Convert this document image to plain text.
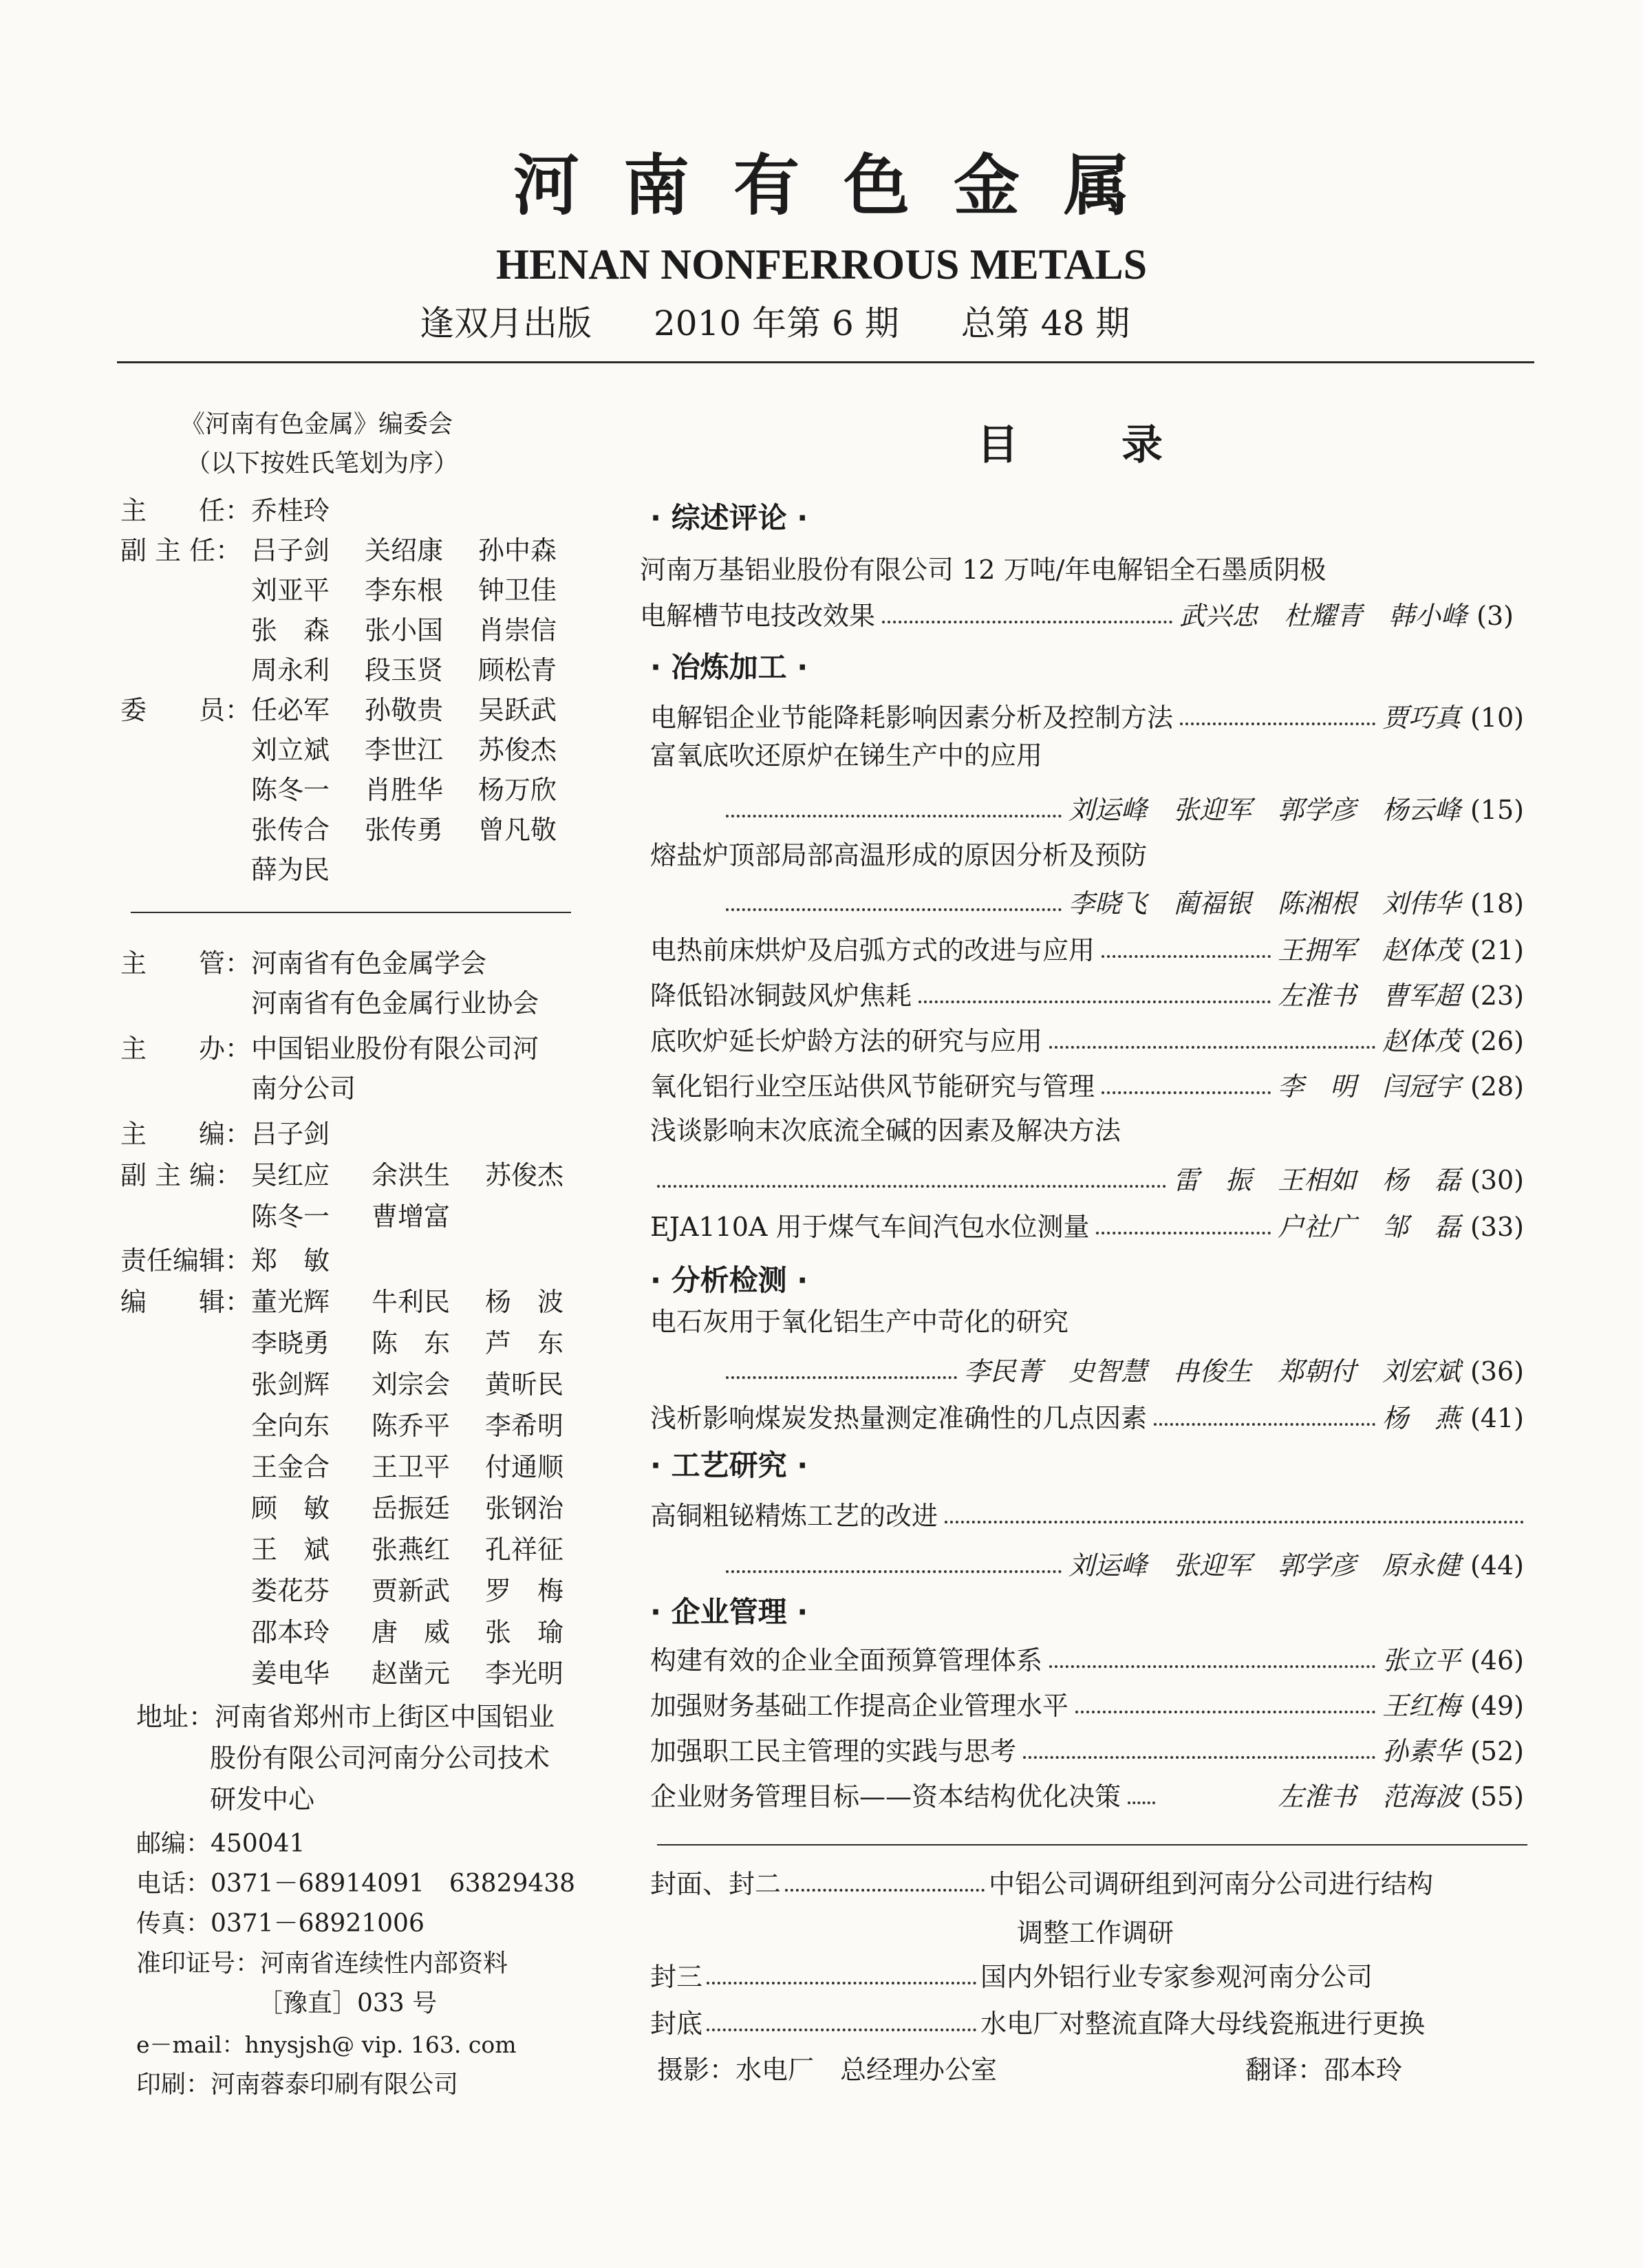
河南有色金属
HENAN NONFERROUS METALS
逢双月出版 2010 年第 6 期 总第 48 期
《河南有色金属》编委会
（以下按姓氏笔划为序）
主　　任： 乔桂玲
副 主 任： 吕子剑 关绍康 孙中森
刘亚平 李东根 钟卫佳
张　森 张小国 肖崇信
周永利 段玉贤 顾松青
委　　员： 任必军 孙敬贵 吴跃武
刘立斌 李世江 苏俊杰
陈冬一 肖胜华 杨万欣
张传合 张传勇 曾凡敬
薛为民
主　　管： 河南省有色金属学会
河南省有色金属行业协会
主　　办： 中国铝业股份有限公司河
南分公司
主　　编： 吕子剑
副 主 编： 吴红应 余洪生 苏俊杰
陈冬一 曹增富
责任编辑： 郑　敏
编　　辑： 董光辉 牛利民 杨　波
李晓勇 陈　东 芦　东
张剑辉 刘宗会 黄昕民
全向东 陈乔平 李希明
王金合 王卫平 付通顺
顾　敏 岳振廷 张钢治
王　斌 张燕红 孔祥征
娄花芬 贾新武 罗　梅
邵本玲 唐　威 张　瑜
姜电华 赵凿元 李光明
地址：河南省郑州市上街区中国铝业
股份有限公司河南分公司技术
研发中心
邮编：450041
电话：0371－68914091　63829438
传真：0371－68921006
准印证号：河南省连续性内部资料
［豫直］033 号
e－mail：hnysjsh@ vip. 163. com
印刷：河南蓉泰印刷有限公司
目录
· 综述评论 ·
河南万基铝业股份有限公司 12 万吨/年电解铝全石墨质阴极
电解槽节电技改效果	武兴忠　杜耀青　韩小峰 (3)
· 冶炼加工 ·
电解铝企业节能降耗影响因素分析及控制方法	贾巧真 (10)
富氧底吹还原炉在锑生产中的应用
刘运峰　张迎军　郭学彦　杨云峰 (15)
熔盐炉顶部局部高温形成的原因分析及预防
李晓飞　蔺福银　陈湘根　刘伟华 (18)
电热前床烘炉及启弧方式的改进与应用	王拥军　赵体茂 (21)
降低铅冰铜鼓风炉焦耗	左淮书　曹军超 (23)
底吹炉延长炉龄方法的研究与应用	赵体茂 (26)
氧化铝行业空压站供风节能研究与管理	李　明　闫冠宇 (28)
浅谈影响末次底流全碱的因素及解决方法
雷　振　王相如　杨　磊 (30)
EJA110A 用于煤气车间汽包水位测量	户社广　邹　磊 (33)
· 分析检测 ·
电石灰用于氧化铝生产中苛化的研究
李民菁　史智慧　冉俊生　郑朝付　刘宏斌 (36)
浅析影响煤炭发热量测定准确性的几点因素	杨　燕 (41)
· 工艺研究 ·
高铜粗铋精炼工艺的改进
刘运峰　张迎军　郭学彦　原永健 (44)
· 企业管理 ·
构建有效的企业全面预算管理体系	张立平 (46)
加强财务基础工作提高企业管理水平	王红梅 (49)
加强职工民主管理的实践与思考	孙素华 (52)
企业财务管理目标——资本结构优化决策	左淮书　范海波 (55)
封面、封二	中铝公司调研组到河南分公司进行结构
调整工作调研
封三	国内外铝行业专家参观河南分公司
封底	水电厂对整流直降大母线瓷瓶进行更换
摄影：水电厂　总经理办公室	翻译：邵本玲
